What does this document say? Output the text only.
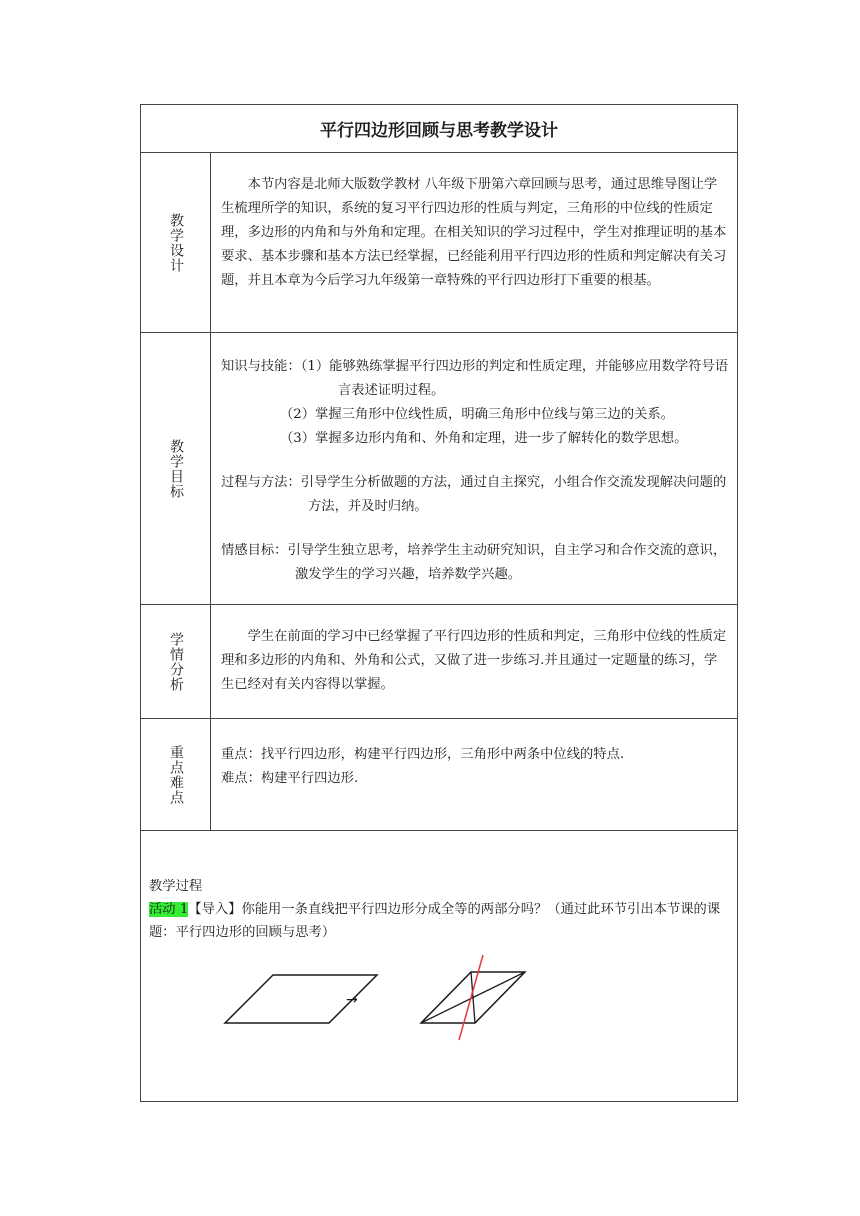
平行四边形回顾与思考教学设计
教学设计

本节内容是北师大版数学教材 八年级下册第六章回顾与思考，通过思维导图让学生梳理所学的知识，系统的复习平行四边形的性质与判定，三角形的中位线的性质定理，多边形的内角和与外角和定理。在相关知识的学习过程中，学生对推理证明的基本要求、基本步骤和基本方法已经掌握，已经能利用平行四边形的性质和判定解决有关习题，并且本章为今后学习九年级第一章特殊的平行四边形打下重要的根基。

教学目标

知识与技能：（1）能够熟练掌握平行四边形的判定和性质定理，并能够应用数学符号语言表述证明过程。

（2）掌握三角形中位线性质，明确三角形中位线与第三边的关系。

（3）掌握多边形内角和、外角和定理，进一步了解转化的数学思想。

过程与方法：引导学生分析做题的方法，通过自主探究，小组合作交流发现解决问题的方法，并及时归纳。

情感目标：引导学生独立思考，培养学生主动研究知识，自主学习和合作交流的意识，激发学生的学习兴趣，培养数学兴趣。

学情分析	学生在前面的学习中已经掌握了平行四边形的性质和判定，三角形中位线的性质定理和多边形的内角和、外角和公式，又做了进一步练习.并且通过一定题量的练习，学生已经对有关内容得以掌握。

重点难点	重点：找平行四边形，构建平行四边形，三角形中两条中位线的特点.

难点：构建平行四边形.

教学过程

活动 1【导入】你能用一条直线把平行四边形分成全等的两部分吗？（通过此环节引出本节课的课题：平行四边形的回顾与思考）

→
